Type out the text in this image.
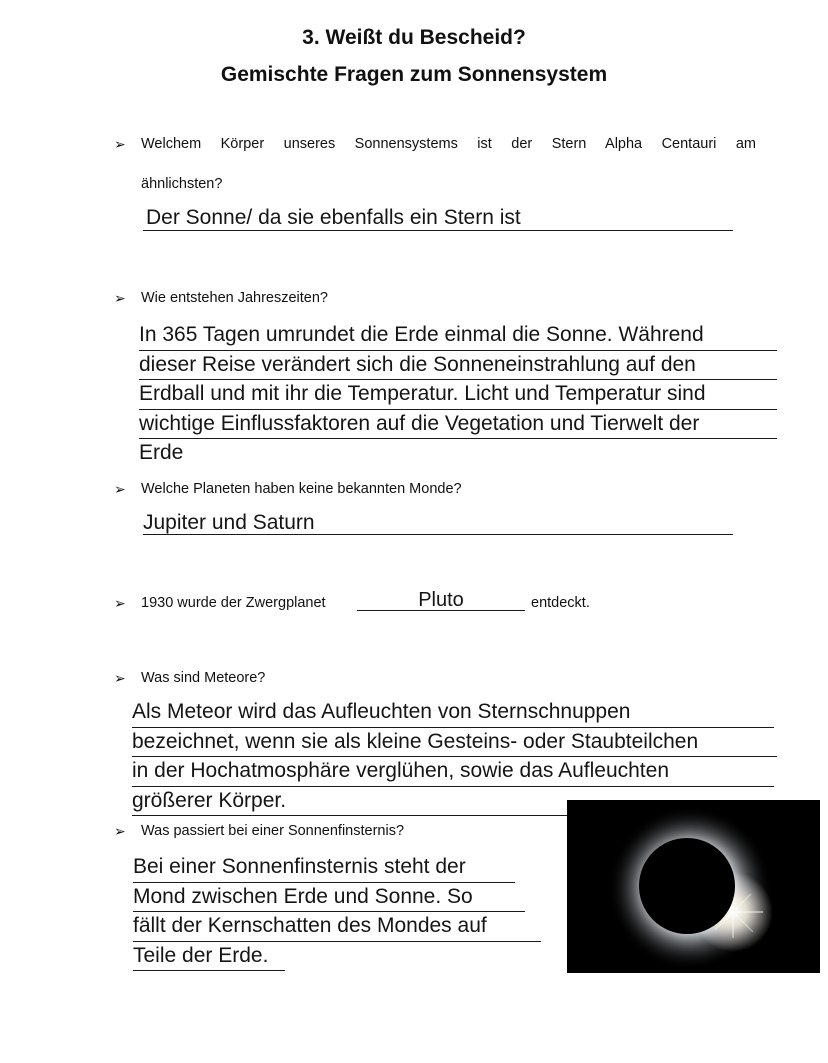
3. Weißt du Bescheid?
Gemischte Fragen zum Sonnensystem
➢ Welchem Körper unseres Sonnensystems ist der Stern Alpha Centauri am
ähnlichsten?
Der Sonne/ da sie ebenfalls ein Stern ist
➢ Wie entstehen Jahreszeiten?
In 365 Tagen umrundet die Erde einmal die Sonne. Während
dieser Reise verändert sich die Sonneneinstrahlung auf den
Erdball und mit ihr die Temperatur. Licht und Temperatur sind
wichtige Einflussfaktoren auf die Vegetation und Tierwelt der
Erde
➢ Welche Planeten haben keine bekannten Monde?
Jupiter und Saturn
➢ 1930 wurde der Zwergplanet	Pluto	entdeckt.
➢ Was sind Meteore?
Als Meteor wird das Aufleuchten von Sternschnuppen
bezeichnet, wenn sie als kleine Gesteins- oder Staubteilchen
in der Hochatmosphäre verglühen, sowie das Aufleuchten
größerer Körper.
➢ Was passiert bei einer Sonnenfinsternis?
Bei einer Sonnenfinsternis steht der
Mond zwischen Erde und Sonne. So
fällt der Kernschatten des Mondes auf
Teile der Erde.
